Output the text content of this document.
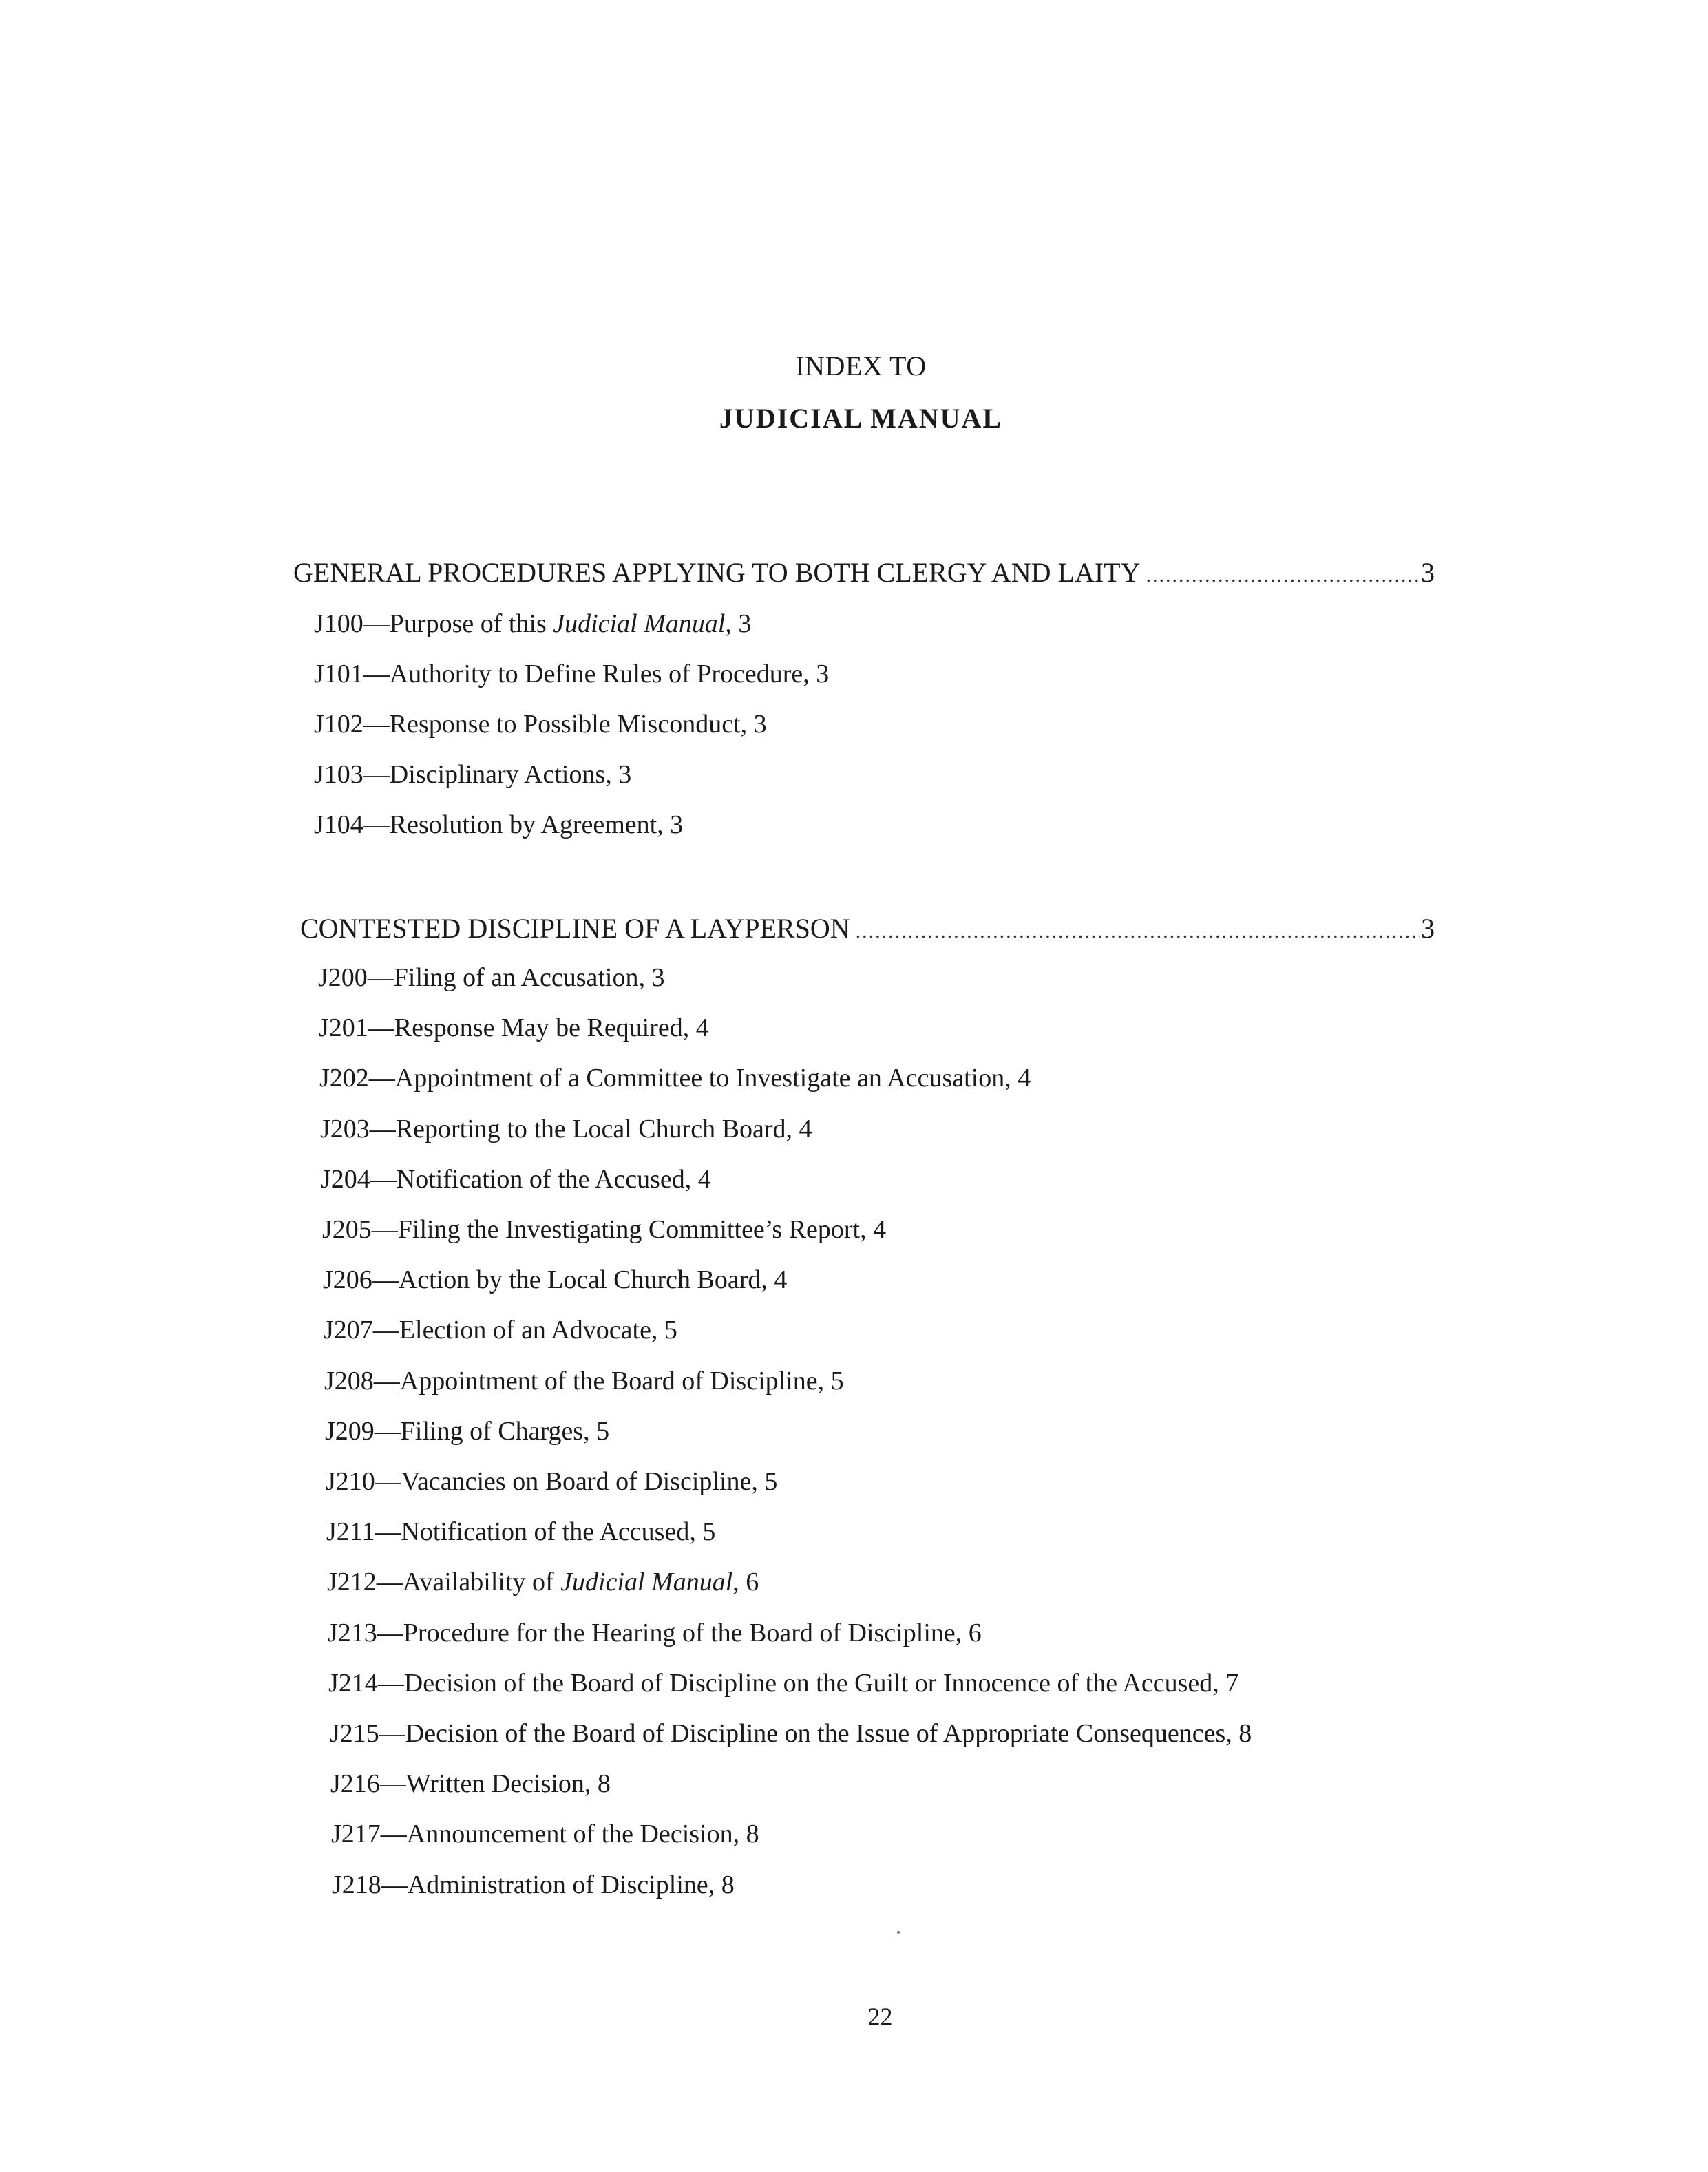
INDEX TO
JUDICIAL MANUAL
GENERAL PROCEDURES APPLYING TO BOTH CLERGY AND LAITY .....	3
J100—Purpose of this Judicial Manual, 3
J101—Authority to Define Rules of Procedure, 3
J102—Response to Possible Misconduct, 3
J103—Disciplinary Actions, 3
J104—Resolution by Agreement, 3
CONTESTED DISCIPLINE OF A LAYPERSON .....	3
J200—Filing of an Accusation, 3
J201—Response May be Required, 4
J202—Appointment of a Committee to Investigate an Accusation, 4
J203—Reporting to the Local Church Board, 4
J204—Notification of the Accused, 4
J205—Filing the Investigating Committee’s Report, 4
J206—Action by the Local Church Board, 4
J207—Election of an Advocate, 5
J208—Appointment of the Board of Discipline, 5
J209—Filing of Charges, 5
J210—Vacancies on Board of Discipline, 5
J211—Notification of the Accused, 5
J212—Availability of Judicial Manual, 6
J213—Procedure for the Hearing of the Board of Discipline, 6
J214—Decision of the Board of Discipline on the Guilt or Innocence of the Accused, 7
J215—Decision of the Board of Discipline on the Issue of Appropriate Consequences, 8
J216—Written Decision, 8
J217—Announcement of the Decision, 8
J218—Administration of Discipline, 8
22
